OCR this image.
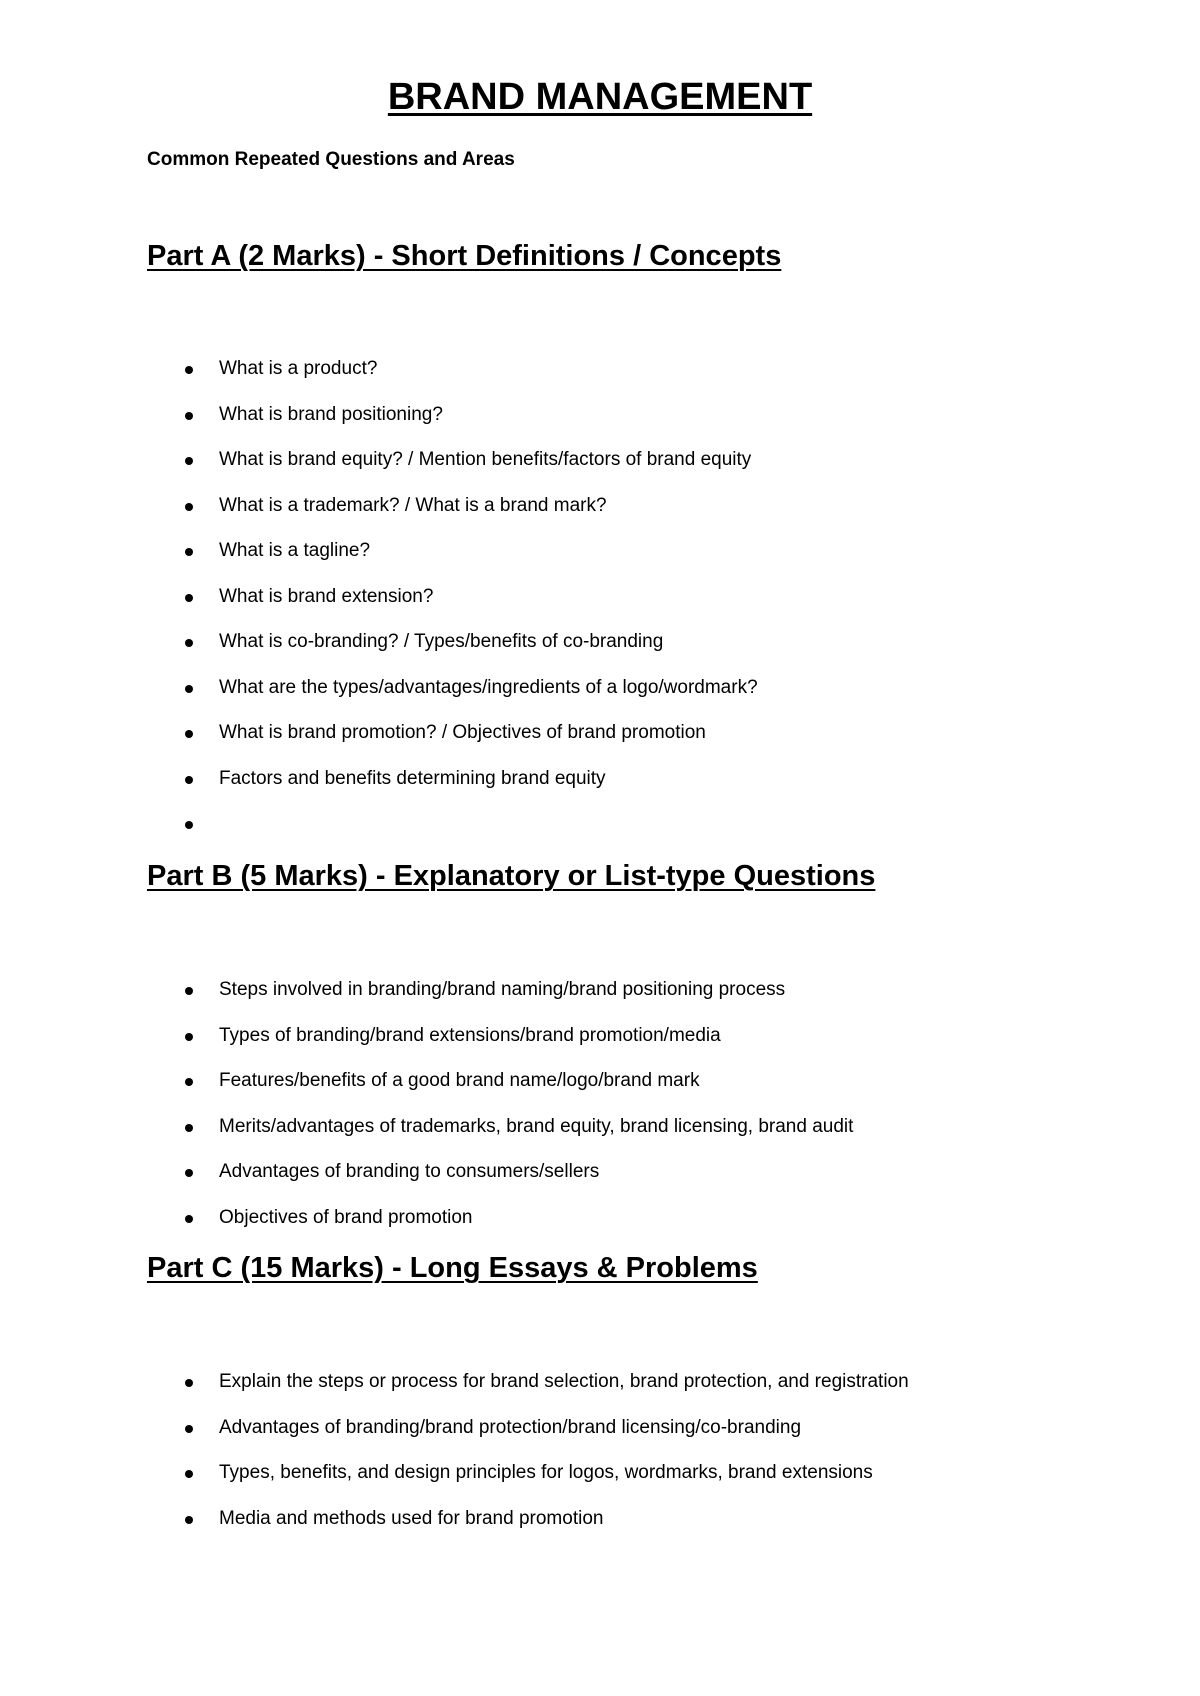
BRAND MANAGEMENT
Common Repeated Questions and Areas
Part A (2 Marks) - Short Definitions / Concepts
What is a product?
What is brand positioning?
What is brand equity? / Mention benefits/factors of brand equity
What is a trademark? / What is a brand mark?
What is a tagline?
What is brand extension?
What is co-branding? / Types/benefits of co-branding
What are the types/advantages/ingredients of a logo/wordmark?
What is brand promotion? / Objectives of brand promotion
Factors and benefits determining brand equity
Part B (5 Marks) - Explanatory or List-type Questions
Steps involved in branding/brand naming/brand positioning process
Types of branding/brand extensions/brand promotion/media
Features/benefits of a good brand name/logo/brand mark
Merits/advantages of trademarks, brand equity, brand licensing, brand audit
Advantages of branding to consumers/sellers
Objectives of brand promotion
Part C (15 Marks) - Long Essays & Problems
Explain the steps or process for brand selection, brand protection, and registration
Advantages of branding/brand protection/brand licensing/co-branding
Types, benefits, and design principles for logos, wordmarks, brand extensions
Media and methods used for brand promotion
